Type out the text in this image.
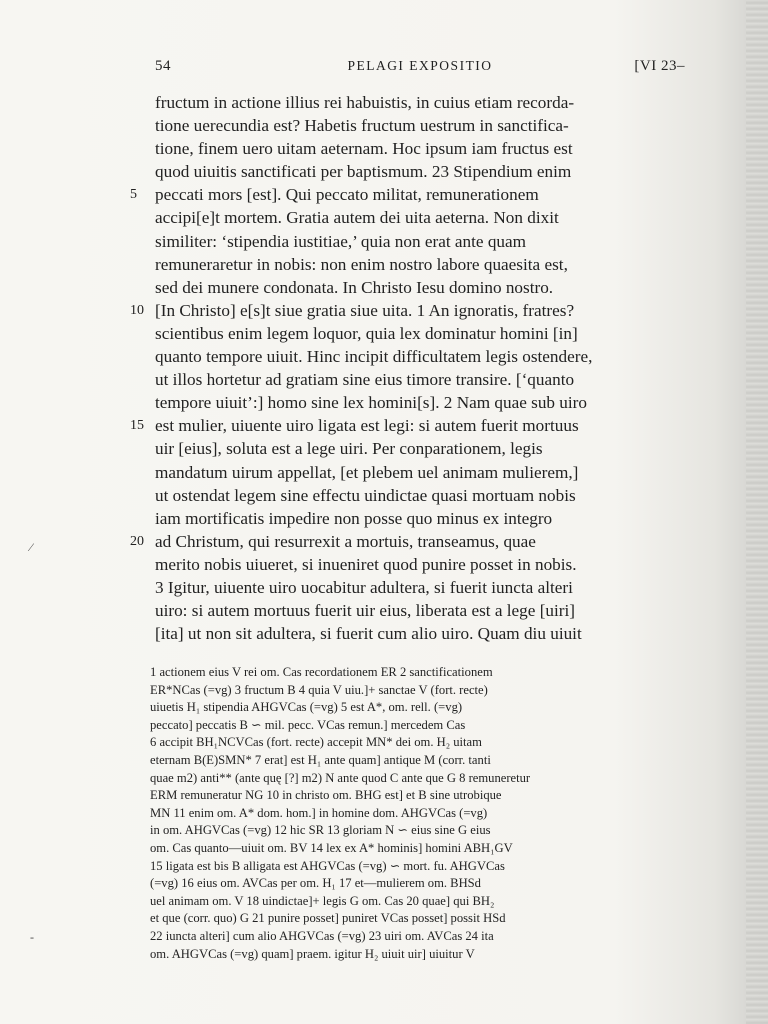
54	PELAGI EXPOSITIO	[VI 23–
fructum in actione illius rei habuistis, in cuius etiam recorda-
tione uerecundia est? Habetis fructum uestrum in sanctifica-
tione, finem uero uitam aeternam. Hoc ipsum iam fructus est
quod uiuitis sanctificati per baptismum. 23 Stipendium enim
5	peccati mors [est]. Qui peccato militat, remunerationem
accipi[e]t mortem. Gratia autem dei uita aeterna. Non dixit
similiter: ‘stipendia iustitiae,’ quia non erat ante quam
remuneraretur in nobis: non enim nostro labore quaesita est,
sed dei munere condonata. In Christo Iesu domino nostro.
10 [In Christo] e[s]t siue gratia siue uita. 1 An ignoratis, fratres?
scientibus enim legem loquor, quia lex dominatur homini [in]
quanto tempore uiuit. Hinc incipit difficultatem legis ostendere,
ut illos hortetur ad gratiam sine eius timore transire. [‘quanto
tempore uiuit’:] homo sine lex homini[s]. 2 Nam quae sub uiro
15 est mulier, uiuente uiro ligata est legi: si autem fuerit mortuus
uir [eius], soluta est a lege uiri. Per conparationem, legis
mandatum uirum appellat, [et plebem uel animam mulierem,]
ut ostendat legem sine effectu uindictae quasi mortuam nobis
iam mortificatis impedire non posse quo minus ex integro
20 ad Christum, qui resurrexit a mortuis, transeamus, quae
merito nobis uiueret, si inueniret quod punire posset in nobis.
3 Igitur, uiuente uiro uocabitur adultera, si fuerit iuncta alteri
uiro: si autem mortuus fuerit uir eius, liberata est a lege [uiri]
[ita] ut non sit adultera, si fuerit cum alio uiro. Quam diu uiuit
1 actionem eius V rei om. Cas recordationem ER 2 sanctificationem
ER*NCas (=vg) 3 fructum B 4 quia V uiu.]+ sanctae V (fort. recte)
uiuetis H₁ stipendia AHGVCas (=vg) 5 est A*, om. rell. (=vg)
peccato] peccatis B ∽ mil. pecc. VCas remun.] mercedem Cas
6 accipit BH₁NCVCas (fort. recte) accepit MN* dei om. H₂ uitam
eternam B(E)SMN* 7 erat] est H₁ ante quam] antique M (corr. tanti
quae m2) anti** (ante quę [?] m2) N ante quod C ante que G 8 remuneretur
ERM remuneratur NG 10 in christo om. BHG est] et B sine utrobique
MN 11 enim om. A* dom. hom.] in homine dom. AHGVCas (=vg)
in om. AHGVCas (=vg) 12 hic SR 13 gloriam N ∽ eius sine G eius
om. Cas quanto—uiuit om. BV 14 lex ex A* hominis] homini ABH₁GV
15 ligata est bis B alligata est AHGVCas (=vg) ∽ mort. fu. AHGVCas
(=vg) 16 eius om. AVCas per om. H₁ 17 et—mulierem om. BHSd
uel animam om. V 18 uindictae]+ legis G om. Cas 20 quae] qui BH₂
et que (corr. quo) G 21 punire posset] puniret VCas posset] possit HSd
22 iuncta alteri] cum alio AHGVCas (=vg) 23 uiri om. AVCas 24 ita
om. AHGVCas (=vg) quam] praem. igitur H₂ uiuit uir] uiuitur V
⁄
-
